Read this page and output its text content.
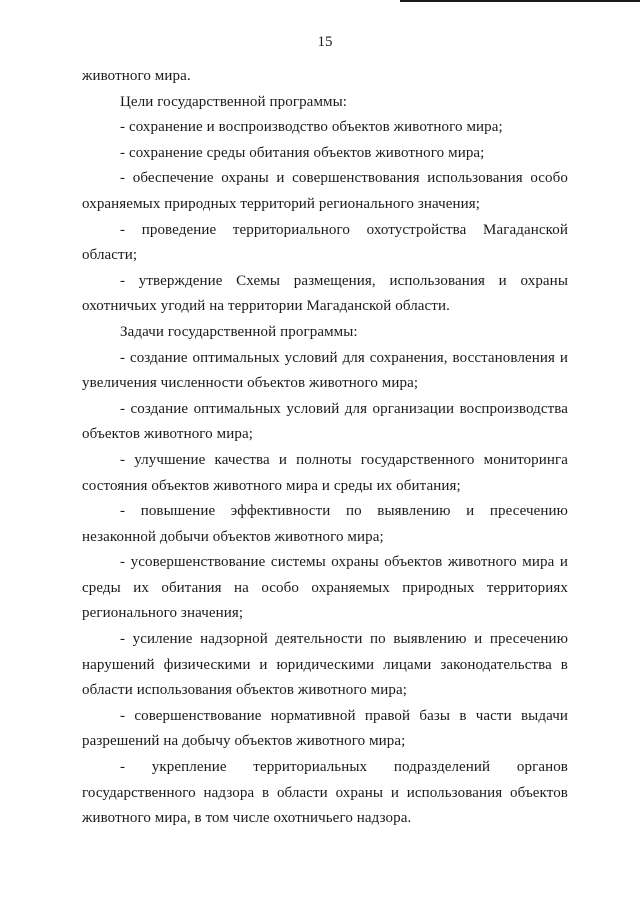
15

животного мира.

Цели государственной программы:

- сохранение и воспроизводство объектов животного мира;

- сохранение среды обитания объектов животного мира;

- обеспечение охраны и совершенствования использования особо охраняемых природных территорий регионального значения;

- проведение территориального охотустройства Магаданской области;

- утверждение Схемы размещения, использования и охраны охотничьих угодий на территории Магаданской области.

Задачи государственной программы:

- создание оптимальных условий для сохранения, восстановления и увеличения численности объектов животного мира;

- создание оптимальных условий для организации воспроизводства объектов животного мира;

- улучшение качества и полноты государственного мониторинга состояния объектов животного мира и среды их обитания;

- повышение эффективности по выявлению и пресечению незаконной добычи объектов животного мира;

- усовершенствование системы охраны объектов животного мира и среды их обитания на особо охраняемых природных территориях регионального значения;

- усиление надзорной деятельности по выявлению и пресечению нарушений физическими и юридическими лицами законодательства в области использования объектов животного мира;

- совершенствование нормативной правой базы в части выдачи разрешений на добычу объектов животного мира;

- укрепление территориальных подразделений органов государственного надзора в области охраны и использования объектов животного мира, в том числе охотничьего надзора.
